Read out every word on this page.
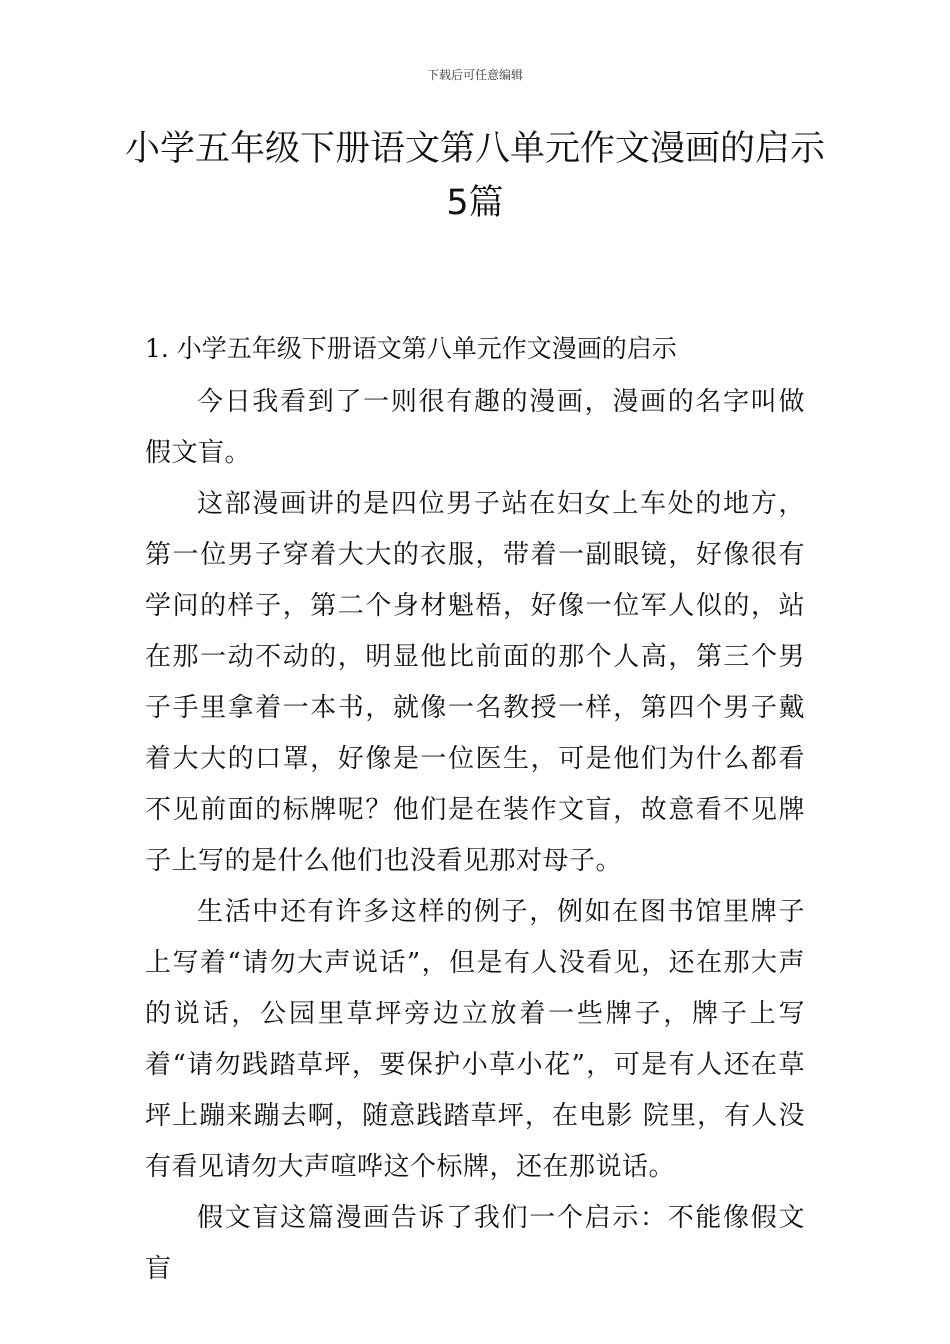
下载后可任意编辑
小学五年级下册语文第八单元作文漫画的启示5篇
1. 小学五年级下册语文第八单元作文漫画的启示

今日我看到了一则很有趣的漫画，漫画的名字叫做假文盲。

这部漫画讲的是四位男子站在妇女上车处的地方，第一位男子穿着大大的衣服，带着一副眼镜，好像很有学问的样子，第二个身材魁梧，好像一位军人似的，站在那一动不动的，明显他比前面的那个人高，第三个男子手里拿着一本书，就像一名教授一样，第四个男子戴着大大的口罩，好像是一位医生，可是他们为什么都看不见前面的标牌呢？他们是在装作文盲，故意看不见牌子上写的是什么他们也没看见那对母子。

生活中还有许多这样的例子，例如在图书馆里牌子上写着“请勿大声说话”，但是有人没看见，还在那大声的说话，公园里草坪旁边立放着一些牌子，牌子上写着“请勿践踏草坪，要保护小草小花”，可是有人还在草坪上蹦来蹦去啊，随意践踏草坪，在电影 院里，有人没有看见请勿大声喧哗这个标牌，还在那说话。

假文盲这篇漫画告诉了我们一个启示：不能像假文盲
